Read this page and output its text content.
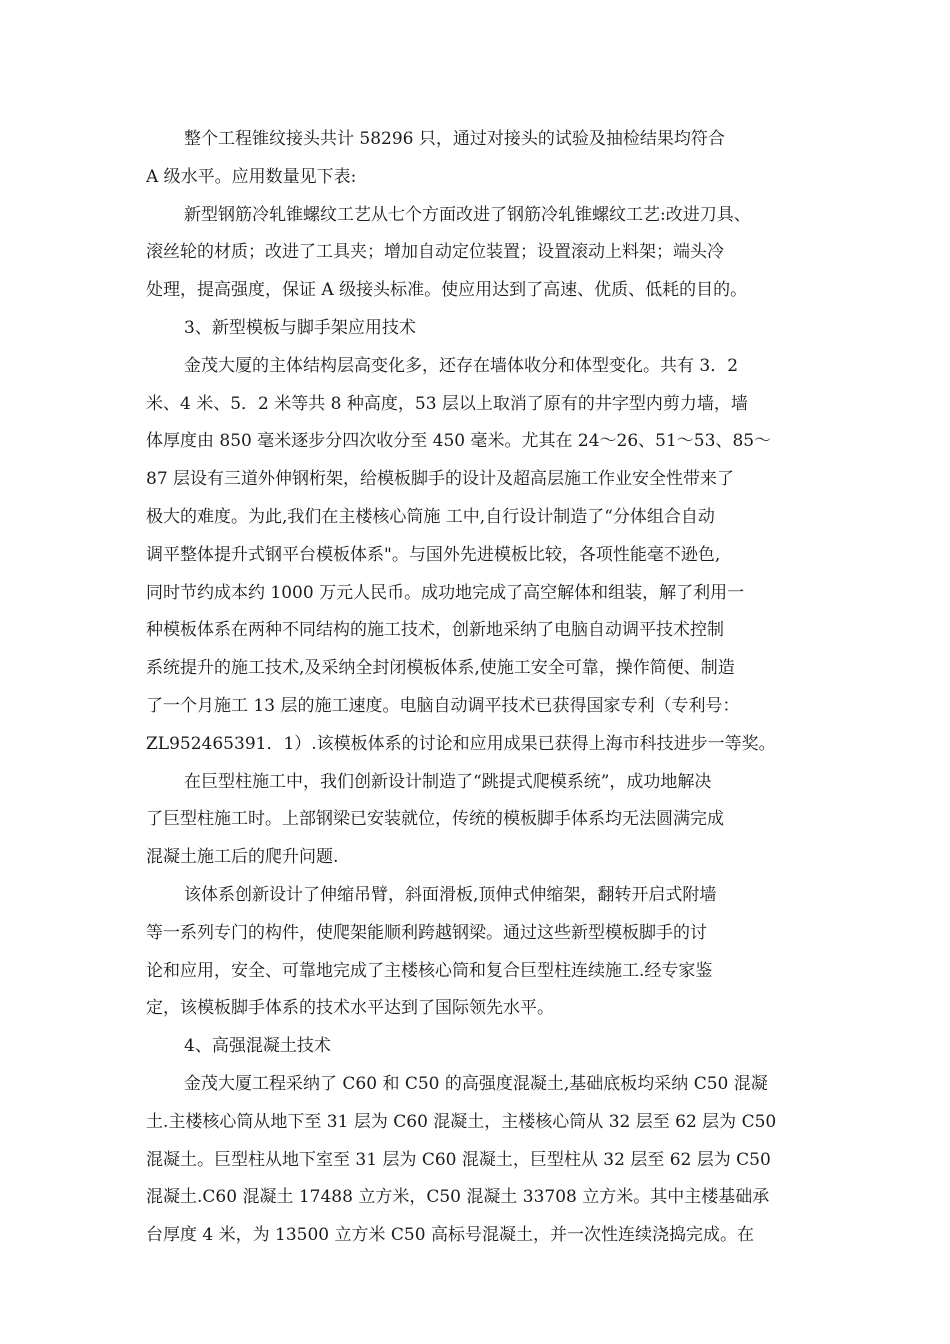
整个工程锥纹接头共计 58296 只，通过对接头的试验及抽检结果均符合
A 级水平。应用数量见下表:
新型钢筋冷轧锥螺纹工艺从七个方面改进了钢筋冷轧锥螺纹工艺:改进刀具、
滚丝轮的材质；改进了工具夹；增加自动定位装置；设置滚动上料架；端头冷
处理，提高强度，保证 A 级接头标准。使应用达到了高速、优质、低耗的目的。
3、新型模板与脚手架应用技术
金茂大厦的主体结构层高变化多，还存在墙体收分和体型变化。共有 3．2
米、4 米、5．2 米等共 8 种高度，53 层以上取消了原有的井字型内剪力墙，墙
体厚度由 850 毫米逐步分四次收分至 450 毫米。尤其在 24～26、51～53、85～
87 层设有三道外伸钢桁架，给模板脚手的设计及超高层施工作业安全性带来了
极大的难度。为此,我们在主楼核心筒施 工中,自行设计制造了“分体组合自动
调平整体提升式钢平台模板体系"。与国外先进模板比较，各项性能毫不逊色,
同时节约成本约 1000 万元人民币。成功地完成了高空解体和组装，解了利用一
种模板体系在两种不同结构的施工技术，创新地采纳了电脑自动调平技术控制
系统提升的施工技术,及采纳全封闭模板体系,使施工安全可靠，操作简便、制造
了一个月施工 13 层的施工速度。电脑自动调平技术已获得国家专利（专利号：
ZL952465391．1）.该模板体系的讨论和应用成果已获得上海市科技进步一等奖。
在巨型柱施工中，我们创新设计制造了“跳提式爬模系统”，成功地解决
了巨型柱施工时。上部钢梁已安装就位，传统的模板脚手体系均无法圆满完成
混凝土施工后的爬升问题.
该体系创新设计了伸缩吊臂，斜面滑板,顶伸式伸缩架，翻转开启式附墙
等一系列专门的构件，使爬架能顺利跨越钢梁。通过这些新型模板脚手的讨
论和应用，安全、可靠地完成了主楼核心筒和复合巨型柱连续施工.经专家鉴
定，该模板脚手体系的技术水平达到了国际领先水平。
4、高强混凝土技术
金茂大厦工程采纳了 C60 和 C50 的高强度混凝土,基础底板均采纳 C50 混凝
土.主楼核心筒从地下至 31 层为 C60 混凝土，主楼核心筒从 32 层至 62 层为 C50
混凝土。巨型柱从地下室至 31 层为 C60 混凝土，巨型柱从 32 层至 62 层为 C50
混凝土.C60 混凝土 17488 立方米，C50 混凝土 33708 立方米。其中主楼基础承
台厚度 4 米，为 13500 立方米 C50 高标号混凝土，并一次性连续浇捣完成。在
